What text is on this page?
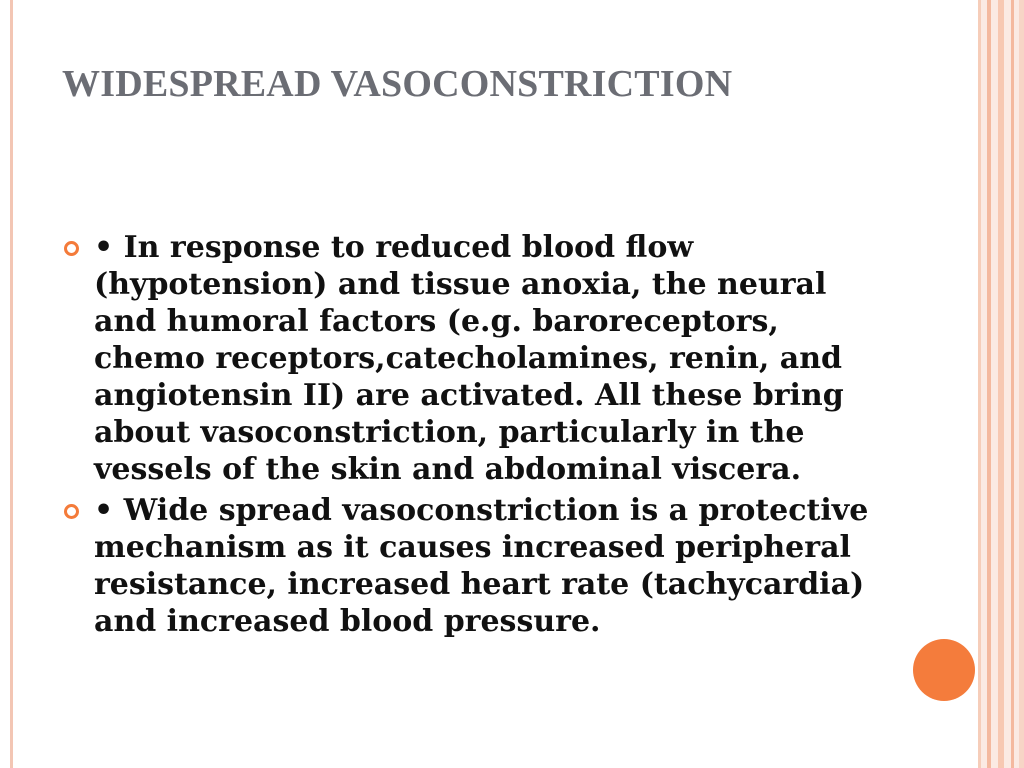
WIDESPREAD VASOCONSTRICTION

• In response to reduced blood flow (hypotension) and tissue anoxia, the neural and humoral factors (e.g. baroreceptors, chemo receptors,catecholamines, renin, and angiotensin II) are activated. All these bring about vasoconstriction, particularly in the vessels of the skin and abdominal viscera.

• Wide spread vasoconstriction is a protective mechanism as it causes increased peripheral resistance, increased heart rate (tachycardia) and increased blood pressure.
